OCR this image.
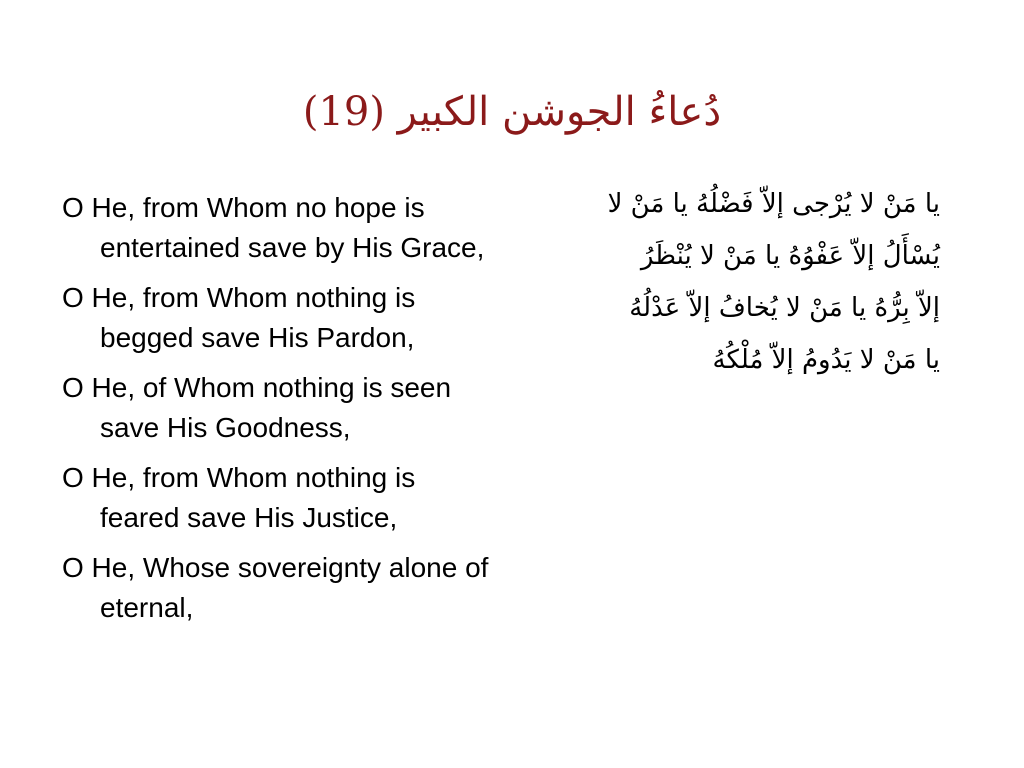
دُعاءُ الجوشن الكبير (19)
O He, from Whom no hope is entertained save by His Grace,
O He, from Whom nothing is begged save His Pardon,
O He, of Whom nothing is seen save His Goodness,
O He, from Whom nothing is feared save His Justice,
O He, Whose sovereignty alone of eternal,
يا مَنْ لا يُرْجى إلاّ فَضْلُهُ يا مَنْ لا
يُسْأَلُ إلاّ عَفْوُهُ يا مَنْ لا يُنْظَرُ
إلاّ بِرُّهُ يا مَنْ لا يُخافُ إلاّ عَدْلُهُ
يا مَنْ لا يَدُومُ إلاّ مُلْكُهُ
